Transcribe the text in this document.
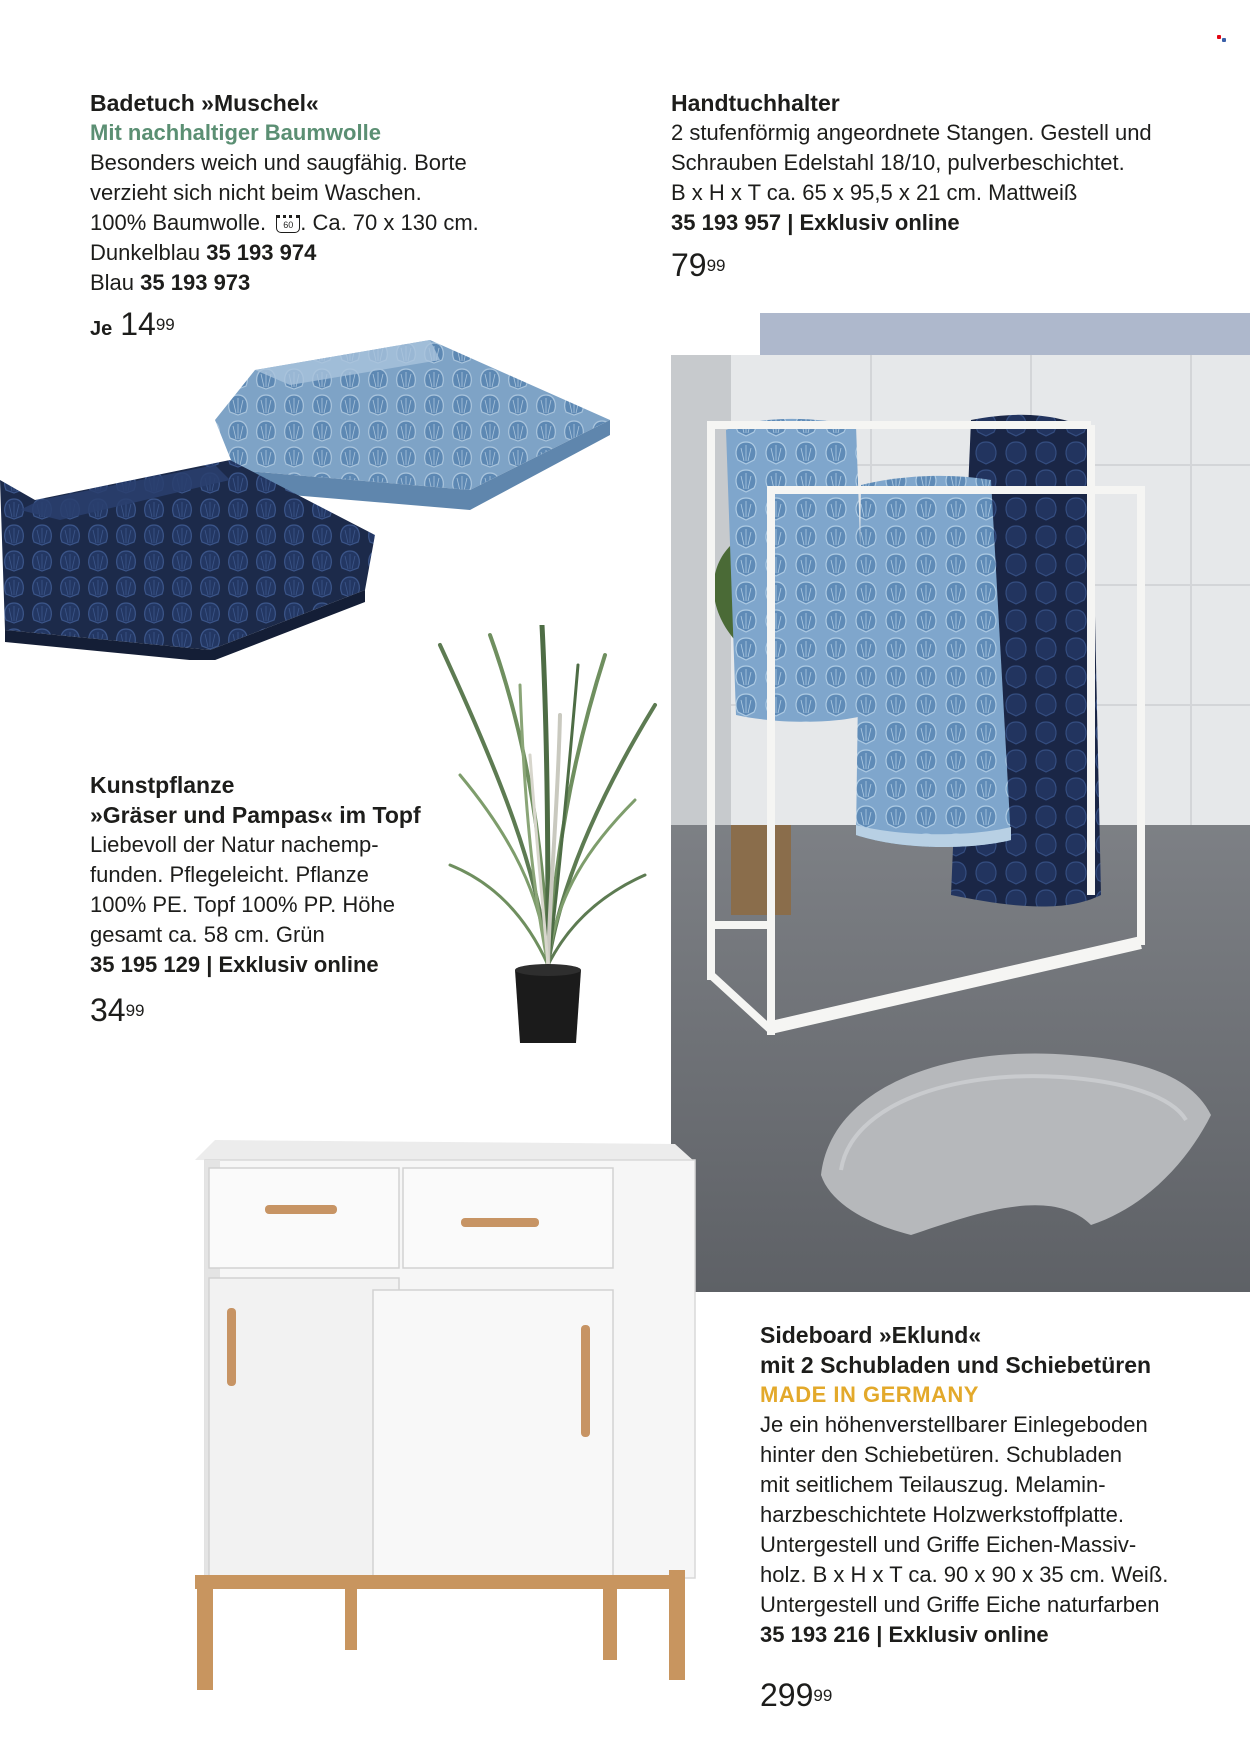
Badetuch »Muschel«
Mit nachhaltiger Baumwolle
Besonders weich und saugfähig. Borte
verzieht sich nicht beim Waschen.
100% Baumwolle. 60 . Ca. 70 x 130 cm.
Dunkelblau 35 193 974
Blau 35 193 973
Je $14^{99}$
Handtuchhalter
2 stufenförmig angeordnete Stangen. Gestell und
Schrauben Edelstahl 18/10, pulverbeschichtet.
B x H x T ca. 65 x 95,5 x 21 cm. Mattweiß
35 193 957 | Exklusiv online
$79^{99}$
Kunstpflanze
»Gräser und Pampas« im Topf
Liebevoll der Natur nachemp-
funden. Pflegeleicht. Pflanze
100% PE. Topf 100% PP. Höhe
gesamt ca. 58 cm. Grün
35 195 129 | Exklusiv online
$34^{99}$
Sideboard »Eklund«
mit 2 Schubladen und Schiebetüren
MADE IN GERMANY
Je ein höhenverstellbarer Einlegeboden
hinter den Schiebetüren. Schubladen
mit seitlichem Teilauszug. Melamin-
harzbeschichtete Holzwerkstoffplatte.
Untergestell und Griffe Eichen-Massiv-
holz. B x H x T ca. 90 x 90 x 35 cm. Weiß.
Untergestell und Griffe Eiche naturfarben
35 193 216 | Exklusiv online
$299^{99}$
